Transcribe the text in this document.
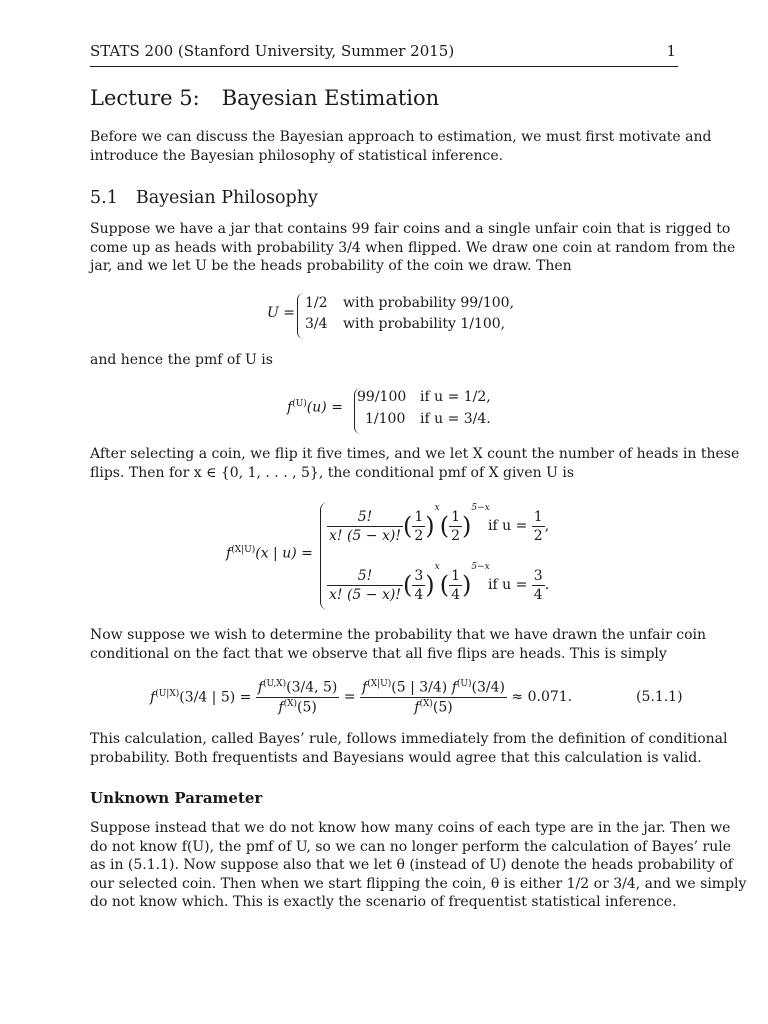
STATS 200 (Stanford University, Summer 2015)	1
Lecture 5: Bayesian Estimation

Before we can discuss the Bayesian approach to estimation, we must first motivate and
introduce the Bayesian philosophy of statistical inference.

5.1 Bayesian Philosophy

Suppose we have a jar that contains 99 fair coins and a single unfair coin that is rigged to
come up as heads with probability 3/4 when flipped. We draw one coin at random from the
jar, and we let U be the heads probability of the coin we draw. Then

U =
1/2 with probability 99/100,
3/4 with probability 1/100,

and hence the pmf of U is

$f^{(U)}(u)$ =
99/100 if u = 1/2,
1/100 if u = 3/4.

After selecting a coin, we flip it five times, and we let X count the number of heads in these
flips. Then for x ∈ {0, 1, . . . , 5}, the conditional pmf of X given U is

$f^{(X|U)}(x$ | u) =
$\frac{5!}{x! (5 - x)!}$ ( $\frac{1}{2}$ )
$^x$
( $\frac{1}{2}$ )
$^{5-x}$
if u =
$\frac{1}{2}$ ,
$\frac{5!}{x! (5 - x)!}$ ( $\frac{3}{4}$ )
$^x$
( $\frac{1}{4}$ )
$^{5-x}$
if u =
$\frac{3}{4}$ .

Now suppose we wish to determine the probability that we have drawn the unfair coin
conditional on the fact that we observe that all five flips are heads. This is simply

$f^{(U|X)}(3/4$ | 5) =
$\frac{f^{(U,X)}(3/4, 5)}{f^{(X)}(5)}$
=
$\frac{f^{(X|U)}(5 | 3/4) f^{(U)}(3/4)}{f^{(X)}(5)}$
≈ 0.071.	(5.1.1)

This calculation, called Bayes’ rule, follows immediately from the definition of conditional
probability. Both frequentists and Bayesians would agree that this calculation is valid.

Unknown Parameter

Suppose instead that we do not know how many coins of each type are in the jar. Then we
do not know f(U), the pmf of U, so we can no longer perform the calculation of Bayes’ rule
as in (5.1.1). Now suppose also that we let θ (instead of U) denote the heads probability of
our selected coin. Then when we start flipping the coin, θ is either 1/2 or 3/4, and we simply
do not know which. This is exactly the scenario of frequentist statistical inference.
